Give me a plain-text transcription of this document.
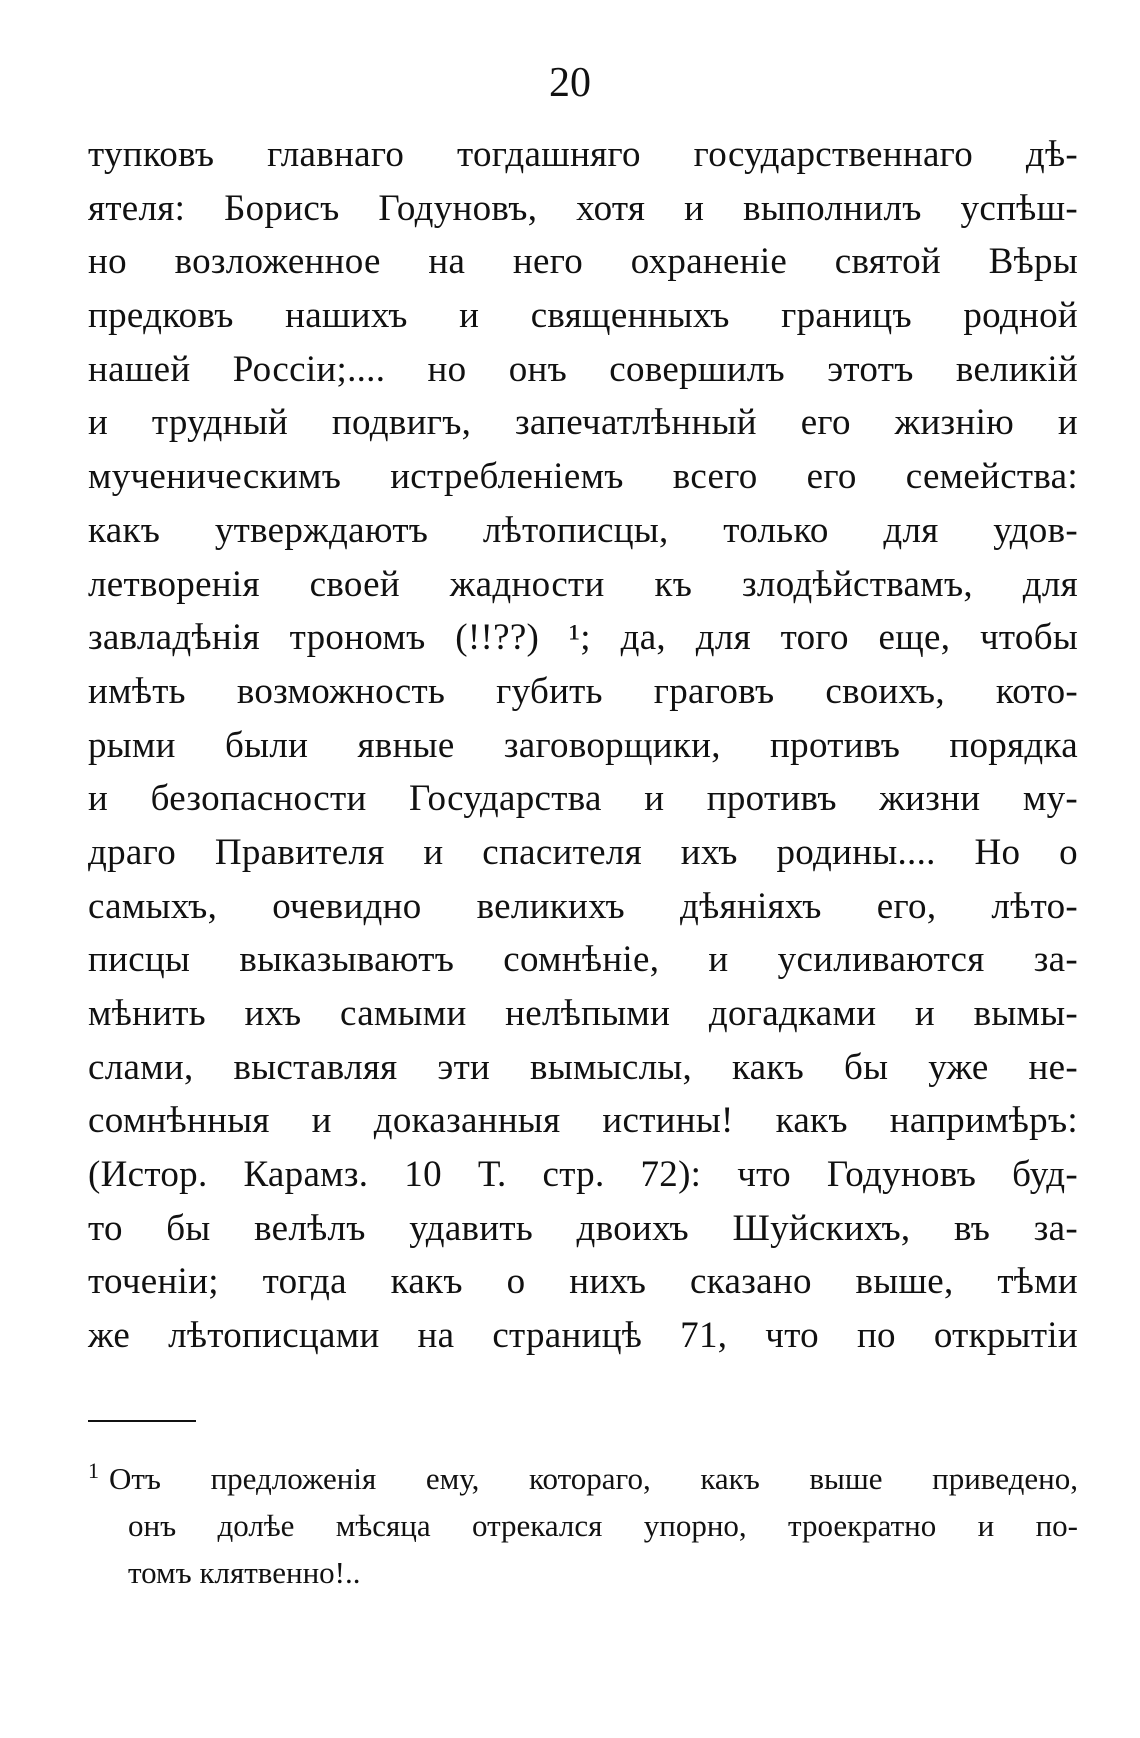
20
тупковъ главнаго тогдашняго государственнаго дѣ-
ятеля: Борисъ Годуновъ, хотя и выполнилъ успѣш-
но возложенное на него охраненіе святой Вѣры
предковъ нашихъ и священныхъ границъ родной
нашей Россіи;.... но онъ совершилъ этотъ великій
и трудный подвигъ, запечатлѣнный его жизнію и
мученическимъ истребленіемъ всего его семейства:
какъ утверждаютъ лѣтописцы, только для удов-
летворенія своей жадности къ злодѣйствамъ, для
завладѣнія трономъ (!!??) ¹; да, для того еще, чтобы
имѣть возможность губить граговъ своихъ, кото-
рыми были явные заговорщики, противъ порядка
и безопасности Государства и противъ жизни му-
драго Правителя и спасителя ихъ родины.... Но о
самыхъ, очевидно великихъ дѣяніяхъ его, лѣто-
писцы выказываютъ сомнѣніе, и усиливаются за-
мѣнить ихъ самыми нелѣпыми догадками и вымы-
слами, выставляя эти вымыслы, какъ бы уже не-
сомнѣнныя и доказанныя истины! какъ напримѣръ:
(Истор. Карамз. 10 Т. стр. 72): что Годуновъ буд-
то бы велѣлъ удавить двоихъ Шуйскихъ, въ за-
точеніи; тогда какъ о нихъ сказано выше, тѣми
же лѣтописцами на страницѣ 71, что по открытіи
$^1$ Отъ предложенія ему, котораго, какъ выше приведено,
онъ долѣе мѣсяца отрекался упорно, троекратно и по-
томъ клятвенно!..
